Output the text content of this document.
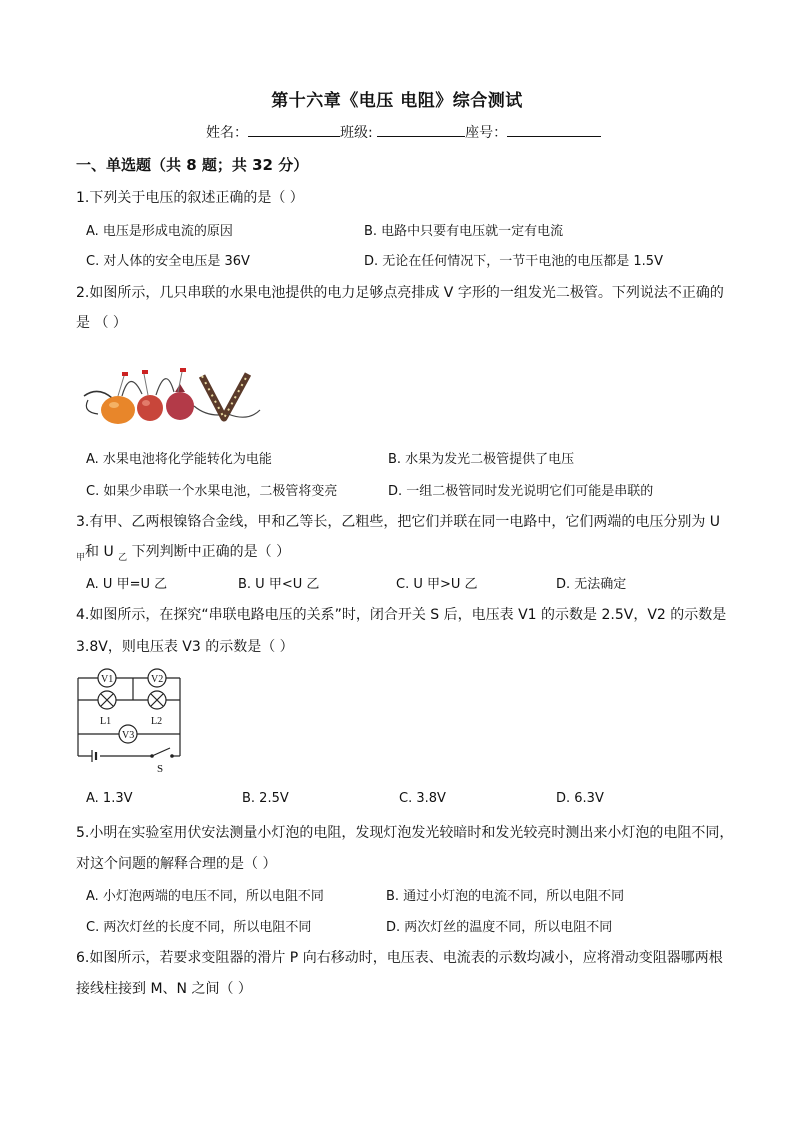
第十六章《电压 电阻》综合测试
姓名：	班级:	座号：
一、单选题（共 8 题；共 32 分）
1.下列关于电压的叙述正确的是（ ）
A. 电压是形成电流的原因	B. 电路中只要有电压就一定有电流
C. 对人体的安全电压是 36V	D. 无论在任何情况下，一节干电池的电压都是 1.5V
2.如图所示，几只串联的水果电池提供的电力足够点亮排成 V 字形的一组发光二极管。下列说法不正确的
是 （ ）
A. 水果电池将化学能转化为电能	B. 水果为发光二极管提供了电压
C. 如果少串联一个水果电池，二极管将变亮	D. 一组二极管同时发光说明它们可能是串联的
3.有甲、乙两根镍铬合金线，甲和乙等长，乙粗些，把它们并联在同一电路中，它们两端的电压分别为 U
$_甲$和 U $_乙$ 下列判断中正确的是（ ）
A. U 甲=U 乙	B. U 甲<U 乙	C. U 甲>U 乙	D. 无法确定
4.如图所示，在探究“串联电路电压的关系”时，闭合开关 S 后，电压表 V1 的示数是 2.5V，V2 的示数是
3.8V，则电压表 V3 的示数是（ ）
V1	V2
L1	L2
V3
S
A. 1.3V	B. 2.5V	C. 3.8V	D. 6.3V
5.小明在实验室用伏安法测量小灯泡的电阻，发现灯泡发光较暗时和发光较亮时测出来小灯泡的电阻不同，
对这个问题的解释合理的是（ ）
A. 小灯泡两端的电压不同，所以电阻不同	B. 通过小灯泡的电流不同，所以电阻不同
C. 两次灯丝的长度不同，所以电阻不同	D. 两次灯丝的温度不同，所以电阻不同
6.如图所示，若要求变阻器的滑片 P 向右移动时，电压表、电流表的示数均减小，应将滑动变阻器哪两根
接线柱接到 M、N 之间（ ）
